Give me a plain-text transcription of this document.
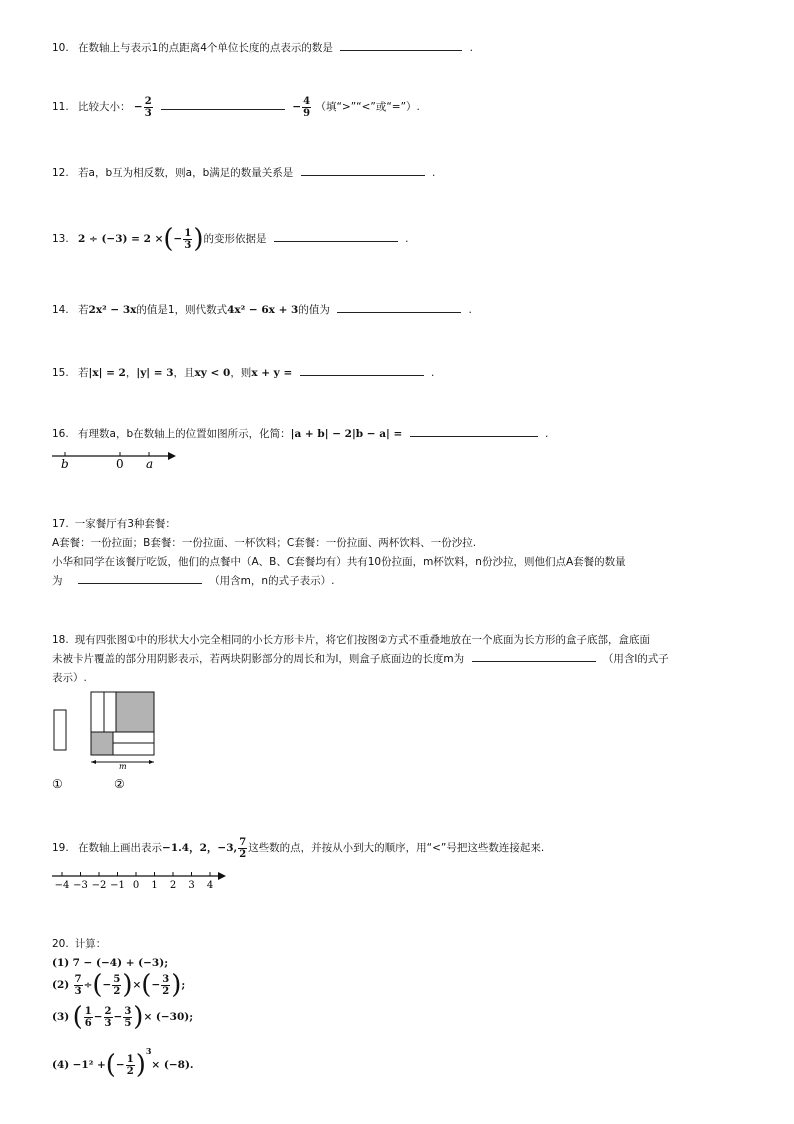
10. 在数轴上与表示1的点距离4个单位长度的点表示的数是	.
11. 比较大小： − $\frac{2}{3}$	− $\frac{4}{9}$ （填“>”“<”或“=”）.
12. 若a，b互为相反数，则a，b满足的数量关系是	.
13. 2 ÷ (−3) = 2 ×(− $\frac{1}{3}$ )的变形依据是	.
14. 若2x² − 3x的值是1，则代数式4x² − 6x + 3的值为	.
15. 若|x| = 2，|y| = 3，且xy < 0，则x + y =	.
16. 有理数a，b在数轴上的位置如图所示，化简：|a + b| − 2|b − a| =	.
b	0 a
17. 一家餐厅有3种套餐：
A套餐：一份拉面；B套餐：一份拉面、一杯饮料；C套餐：一份拉面、两杯饮料、一份沙拉.
小华和同学在该餐厅吃饭，他们的点餐中（A、B、C套餐均有）共有10份拉面，m杯饮料，n份沙拉，则他们点A套餐的数量
为	（用含m，n的式子表示）.
18. 现有四张图①中的形状大小完全相同的小长方形卡片，将它们按图②方式不重叠地放在一个底面为长方形的盒子底部，盒底面
未被卡片覆盖的部分用阴影表示，若两块阴影部分的周长和为l，则盒子底面边的长度m为	（用含l的式子
表示）.
m
①	②
19. 在数轴上画出表示−1.4，2，−3, $\frac{7}{2}$ 这些数的点，并按从小到大的顺序，用“<”号把这些数连接起来.
−4 −3 −2 −1 0 1 2 3 4
20. 计算：
(1) 7 − (−4) + (−3);
$(2) \frac{7}{3}$ ÷(− $\frac{5}{2}$ )×(− $\frac{3}{2}$ );
(3) ( $\frac{1}{6} - \frac{2}{3} - \frac{3}{5}$ )× (−30);
(4) −1² +(− $\frac{1}{2} )^3\times (-8)$.
